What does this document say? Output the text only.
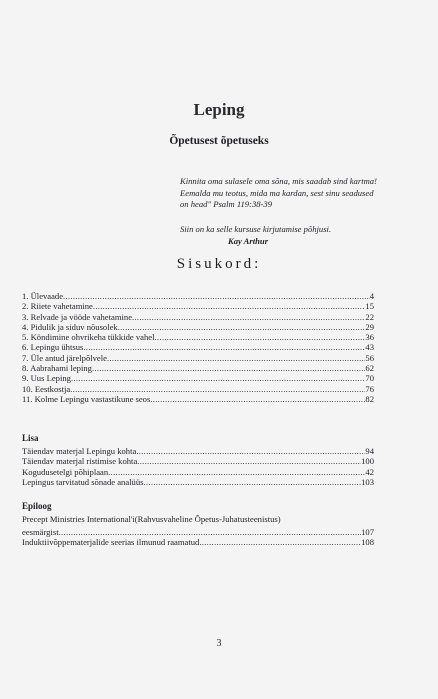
Leping
Õpetusest õpetuseks
Kinnita oma sulasele oma sõna, mis saadab sind kartma!
Eemalda mu teotus, mida ma kardan, sest sinu seadused
on head" Psalm 119:38-39
Siin on ka selle kursuse kirjutamise põhjusi.
Kay Arthur
Sisukord:
1. Ülevaade .....	4
2. Riiete vahetamine .....	15
3. Relvade ja vööde vahetamine .....	22
4. Pidulik ja siduv nõusolek .....	29
5. Köndimine ohvrikeha tükkide vahel .....	36
6. Lepingu ühtsus .....	43
7. Üle antud järelpõlvele .....	56
8. Aabrahami leping .....	62
9. Uus Leping .....	70
10. Eestkostja .....	76
11. Kolme Lepingu vastastikune seos .....	82
Lisa
Täiendav materjal Lepingu kohta .....	94
Täiendav materjal ristimise kohta .....	100
Kogudusetelgi põhiplaan .....	42
Lepingus tarvitatud sõnade analüüs .....	103
Epiloog
Precept Ministries International'i(Rahvusvaheline Õpetus-Juhatusteenistus)
eesmärgist .....	107
Induktiivõppematerjalide seerias ilmunud raamatud .....	108
3
